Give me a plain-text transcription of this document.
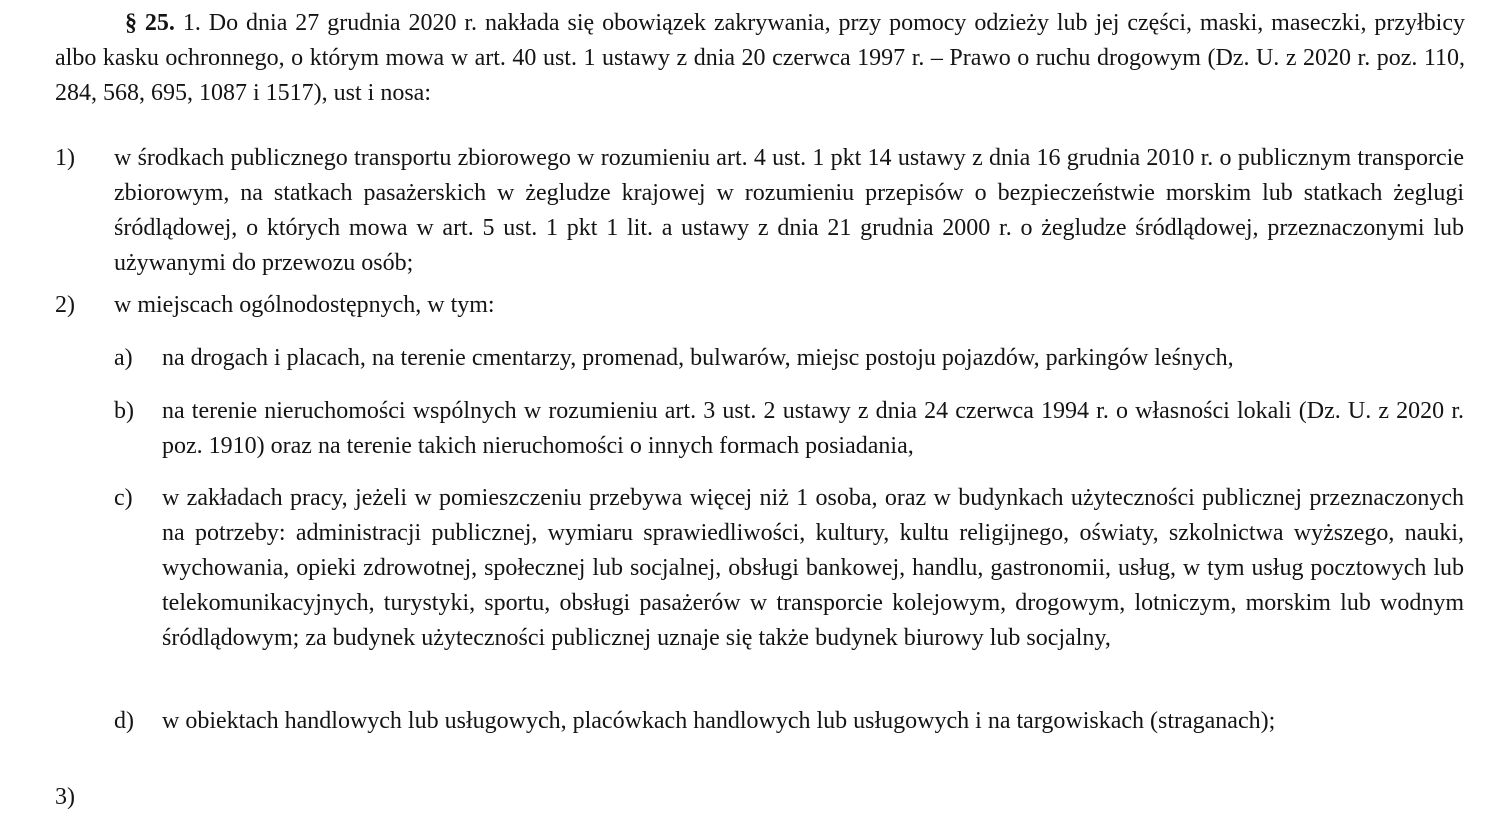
§ 25. 1. Do dnia 27 grudnia 2020 r. nakłada się obowiązek zakrywania, przy pomocy odzieży lub jej części, maski, maseczki, przyłbicy albo kasku ochronnego, o którym mowa w art. 40 ust. 1 ustawy z dnia 20 czerwca 1997 r. – Prawo o ruchu drogowym (Dz. U. z 2020 r. poz. 110, 284, 568, 695, 1087 i 1517), ust i nosa:

1) w środkach publicznego transportu zbiorowego w rozumieniu art. 4 ust. 1 pkt 14 ustawy z dnia 16 grudnia 2010 r. o publicznym transporcie zbiorowym, na statkach pasażerskich w żegludze krajowej w rozumieniu przepisów o bezpieczeństwie morskim lub statkach żeglugi śródlądowej, o których mowa w art. 5 ust. 1 pkt 1 lit. a ustawy z dnia 21 grudnia 2000 r. o żegludze śródlądowej, przeznaczonymi lub używanymi do przewozu osób;

2) w miejscach ogólnodostępnych, w tym:

a) na drogach i placach, na terenie cmentarzy, promenad, bulwarów, miejsc postoju pojazdów, parkingów leśnych,

b) na terenie nieruchomości wspólnych w rozumieniu art. 3 ust. 2 ustawy z dnia 24 czerwca 1994 r. o własności lokali (Dz. U. z 2020 r. poz. 1910) oraz na terenie takich nieruchomości o innych formach posiadania,

c) w zakładach pracy, jeżeli w pomieszczeniu przebywa więcej niż 1 osoba, oraz w budynkach użyteczności publicznej przeznaczonych na potrzeby: administracji publicznej, wymiaru sprawiedliwości, kultury, kultu religijnego, oświaty, szkolnictwa wyższego, nauki, wychowania, opieki zdrowotnej, społecznej lub socjalnej, obsługi bankowej, handlu, gastronomii, usług, w tym usług pocztowych lub telekomunikacyjnych, turystyki, sportu, obsługi pasażerów w transporcie kolejowym, drogowym, lotniczym, morskim lub wodnym śródlądowym; za budynek użyteczności publicznej uznaje się także budynek biurowy lub socjalny,

d) w obiektach handlowych lub usługowych, placówkach handlowych lub usługowych i na targowiskach (straganach);

3)
